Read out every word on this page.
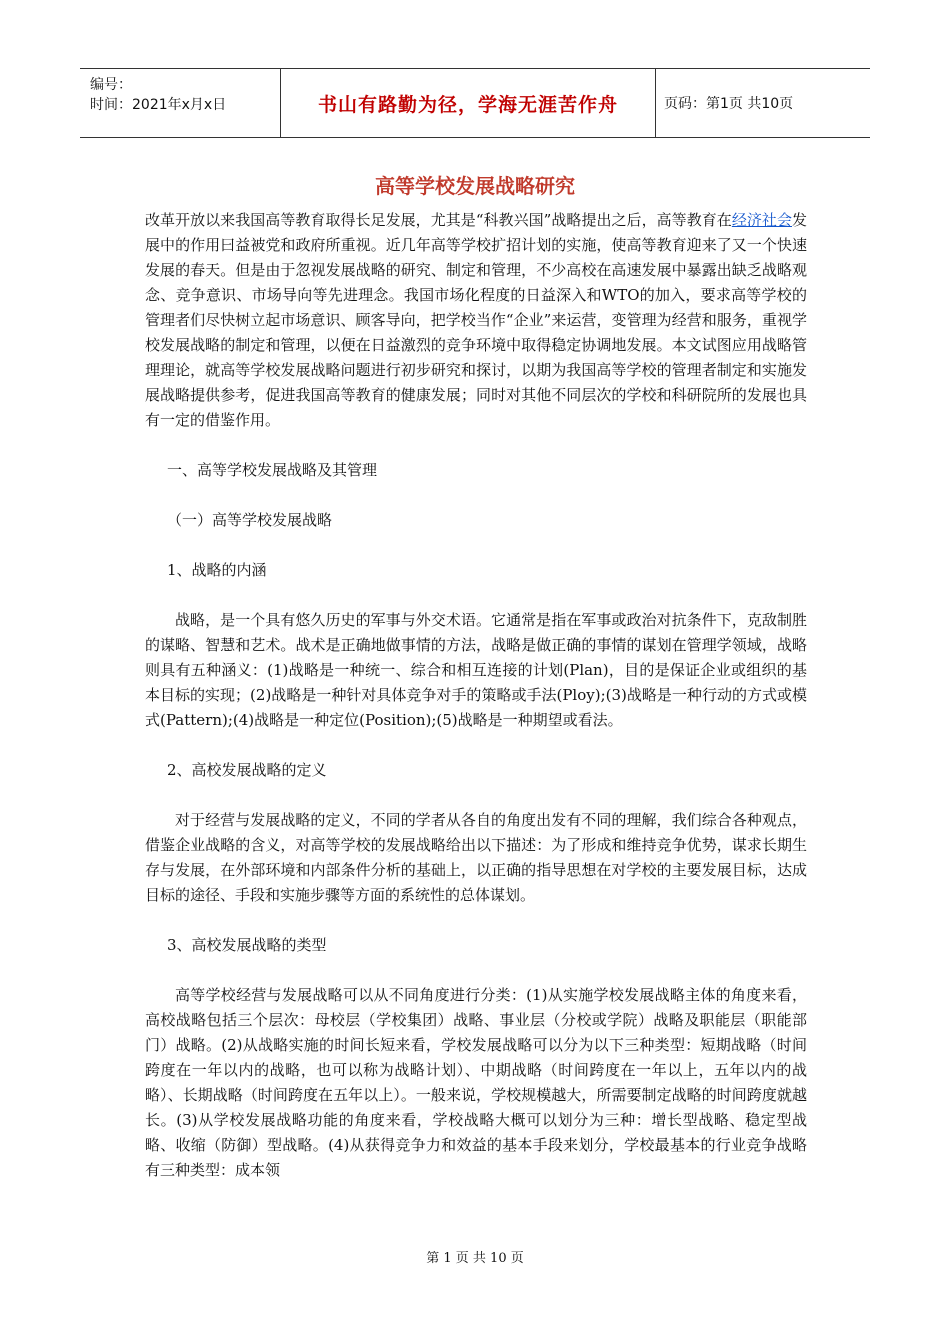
编号：
时间：2021年x月x日	书山有路勤为径，学海无涯苦作舟	页码：第1页 共10页
高等学校发展战略研究

改革开放以来我国高等教育取得长足发展，尤其是“科教兴国”战略提出之后，高等教育在经济社会发展中的作用曰益被党和政府所重视。近几年高等学校扩招计划的实施，使高等教育迎来了又一个快速发展的春天。但是由于忽视发展战略的研究、制定和管理，不少高校在高速发展中暴露出缺乏战略观念、竞争意识、市场导向等先进理念。我国市场化程度的日益深入和WTO的加入，要求高等学校的管理者们尽快树立起市场意识、顾客导向，把学校当作“企业”来运营，变管理为经营和服务，重视学校发展战略的制定和管理，以便在日益激烈的竞争环境中取得稳定协调地发展。本文试图应用战略管理理论，就高等学校发展战略问题进行初步研究和探讨，以期为我国高等学校的管理者制定和实施发展战略提供参考，促进我国高等教育的健康发展；同时对其他不同层次的学校和科研院所的发展也具有一定的借鉴作用。

一、高等学校发展战略及其管理

（一）高等学校发展战略

1、战略的内涵

战略，是一个具有悠久历史的军事与外交术语。它通常是指在军事或政治对抗条件下，克敌制胜的谋略、智慧和艺术。战术是正确地做事情的方法，战略是做正确的事情的谋划在管理学领域，战略则具有五种涵义：(1)战略是一种统一、综合和相互连接的计划(Plan)，目的是保证企业或组织的基本目标的实现；(2)战略是一种针对具体竞争对手的策略或手法(Ploy);(3)战略是一种行动的方式或模式(Pattern);(4)战略是一种定位(Position);(5)战略是一种期望或看法。

2、高校发展战略的定义

对于经营与发展战略的定义，不同的学者从各自的角度出发有不同的理解，我们综合各种观点，借鉴企业战略的含义，对高等学校的发展战略给出以下描述：为了形成和维持竞争优势，谋求长期生存与发展，在外部环境和内部条件分析的基础上，以正确的指导思想在对学校的主要发展目标，达成目标的途径、手段和实施步骤等方面的系统性的总体谋划。

3、高校发展战略的类型

高等学校经营与发展战略可以从不同角度进行分类：(1)从实施学校发展战略主体的角度来看，高校战略包括三个层次：母校层（学校集团）战略、事业层（分校或学院）战略及职能层（职能部门）战略。(2)从战略实施的时间长短来看，学校发展战略可以分为以下三种类型：短期战略（时间跨度在一年以内的战略，也可以称为战略计划）、中期战略（时间跨度在一年以上，五年以内的战略）、长期战略（时间跨度在五年以上）。一般来说，学校规模越大，所需要制定战略的时间跨度就越长。(3)从学校发展战略功能的角度来看，学校战略大概可以划分为三种：增长型战略、稳定型战略、收缩（防御）型战略。(4)从获得竞争力和效益的基本手段来划分，学校最基本的行业竞争战略有三种类型：成本领

第 1 页 共 10 页
